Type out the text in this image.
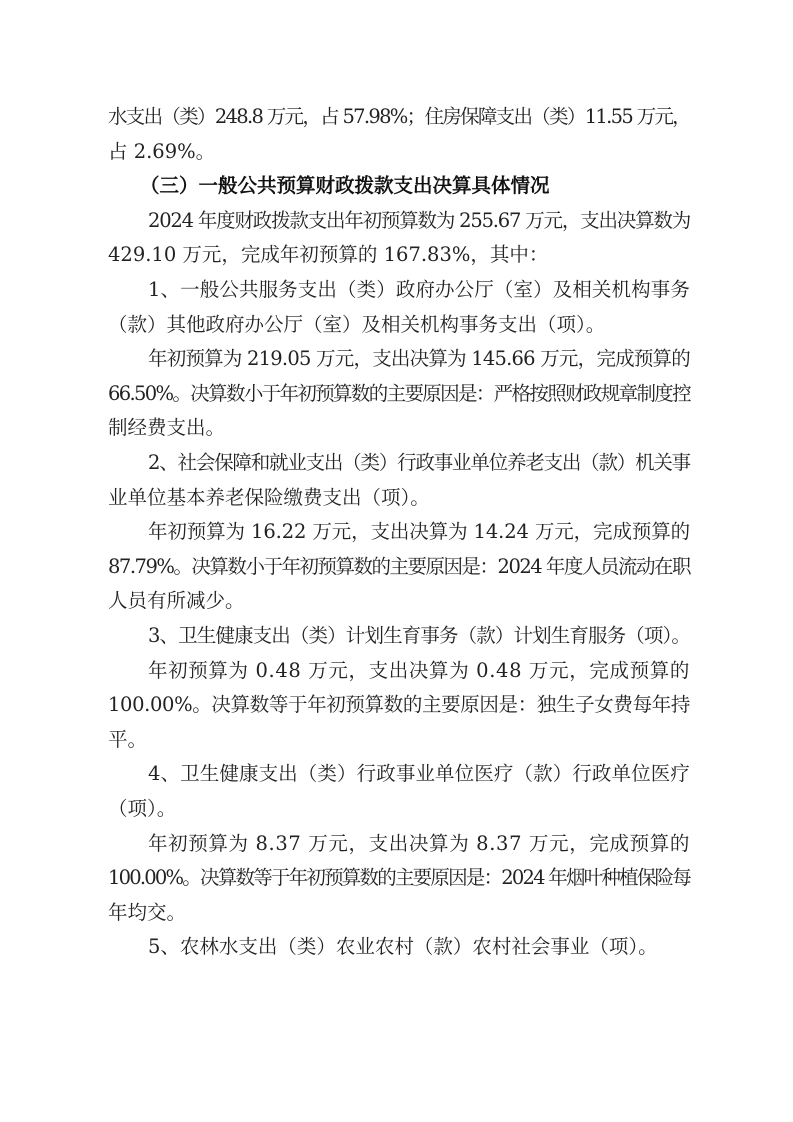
水支出（类）248.8 万元，占 57.98%；住房保障支出（类）11.55 万元，
占 2.69%。
（三）一般公共预算财政拨款支出决算具体情况
2024 年度财政拨款支出年初预算数为 255.67 万元，支出决算数为
429.10 万元，完成年初预算的 167.83%，其中：
1、一般公共服务支出（类）政府办公厅（室）及相关机构事务
（款）其他政府办公厅（室）及相关机构事务支出（项）。
年初预算为 219.05 万元，支出决算为 145.66 万元，完成预算的
66.50%。决算数小于年初预算数的主要原因是：严格按照财政规章制度控
制经费支出。
2、社会保障和就业支出（类）行政事业单位养老支出（款）机关事
业单位基本养老保险缴费支出（项）。
年初预算为 16.22 万元，支出决算为 14.24 万元，完成预算的
87.79%。决算数小于年初预算数的主要原因是：2024 年度人员流动在职
人员有所减少。
3、卫生健康支出（类）计划生育事务（款）计划生育服务（项）。
年初预算为 0.48 万元，支出决算为 0.48 万元，完成预算的
100.00%。决算数等于年初预算数的主要原因是：独生子女费每年持
平。
4、卫生健康支出（类）行政事业单位医疗（款）行政单位医疗
（项）。
年初预算为 8.37 万元，支出决算为 8.37 万元，完成预算的
100.00%。决算数等于年初预算数的主要原因是：2024 年烟叶种植保险每
年均交。
5、农林水支出（类）农业农村（款）农村社会事业（项）。
